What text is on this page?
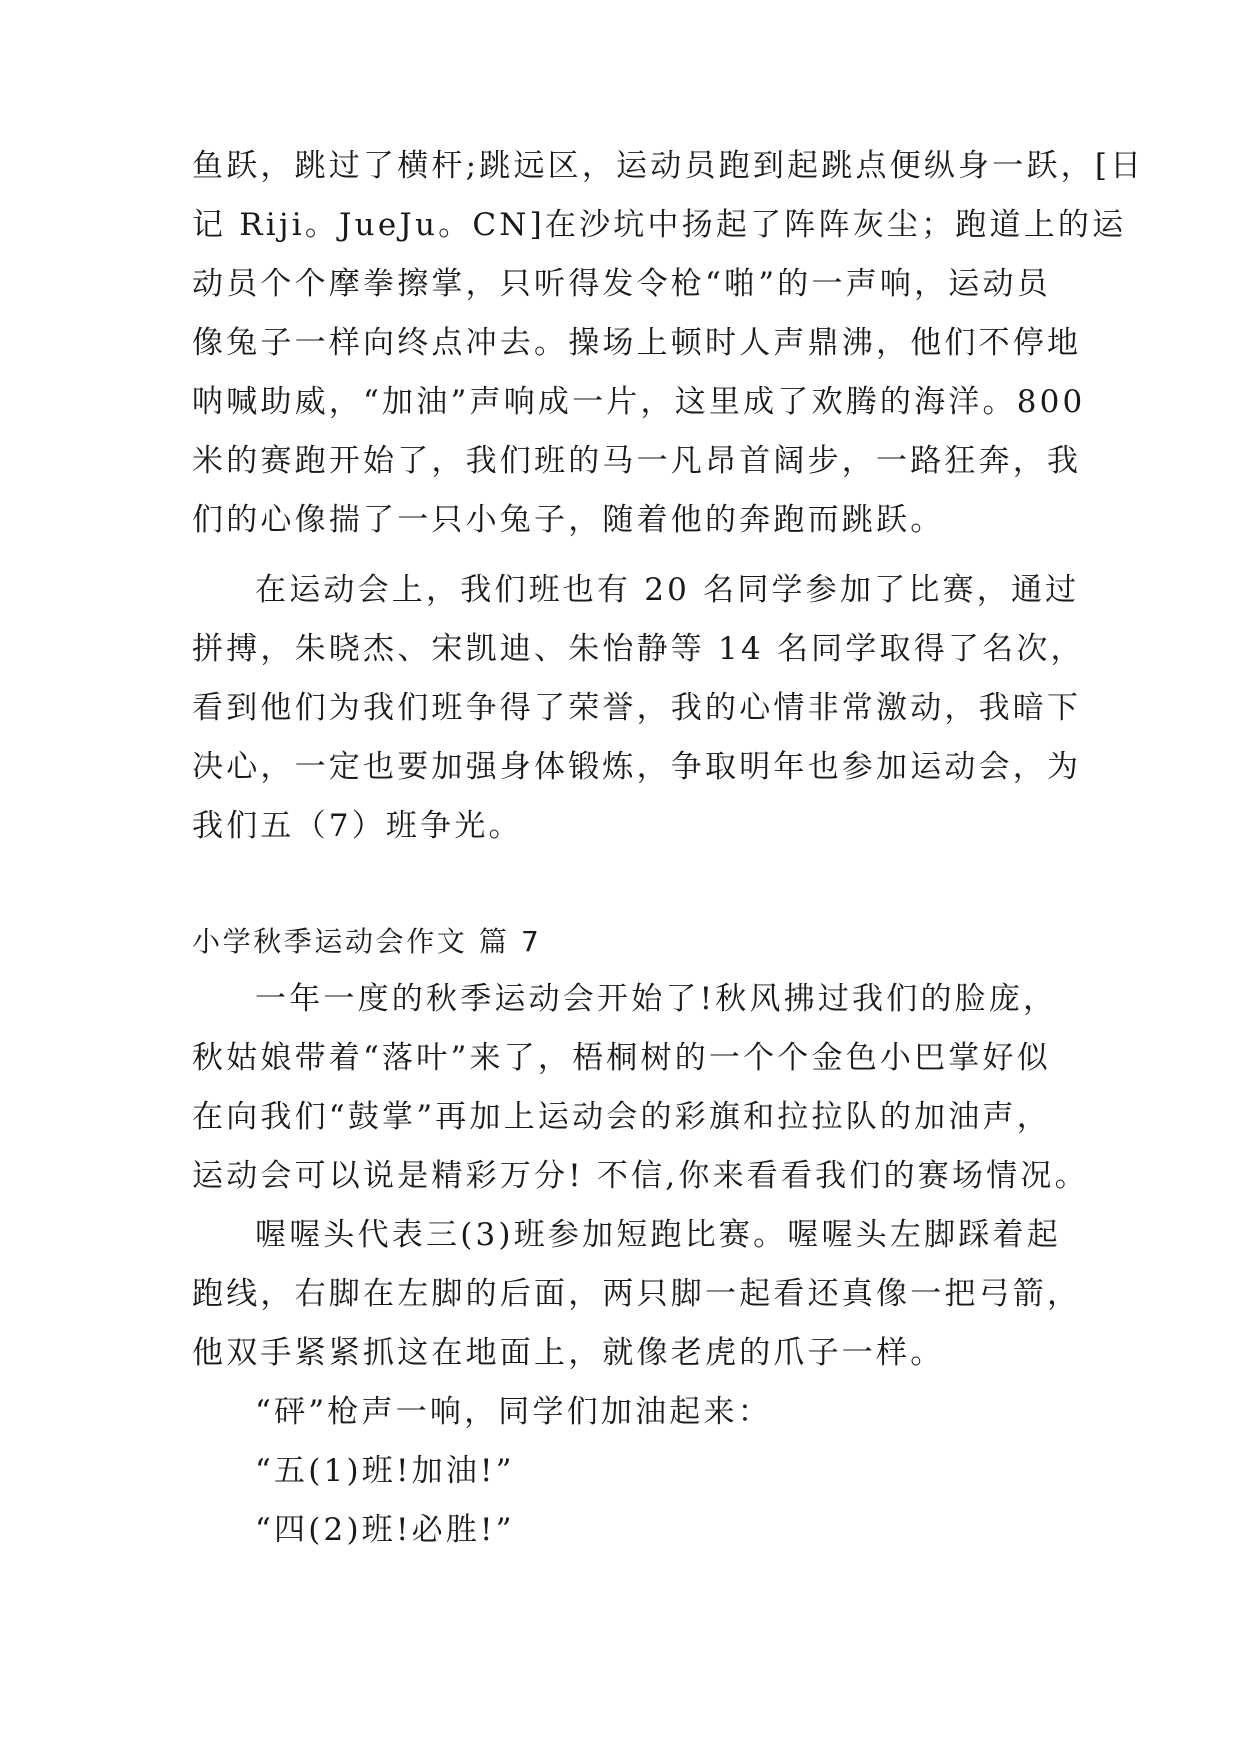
鱼跃，跳过了横杆;跳远区，运动员跑到起跳点便纵身一跃，[日
记 Riji。JueJu。CN]在沙坑中扬起了阵阵灰尘；跑道上的运
动员个个摩拳擦掌，只听得发令枪“啪”的一声响，运动员
像兔子一样向终点冲去。操场上顿时人声鼎沸，他们不停地
呐喊助威，“加油”声响成一片，这里成了欢腾的海洋。800
米的赛跑开始了，我们班的马一凡昂首阔步，一路狂奔，我
们的心像揣了一只小兔子，随着他的奔跑而跳跃。
在运动会上，我们班也有 20 名同学参加了比赛，通过
拼搏，朱晓杰、宋凯迪、朱怡静等 14 名同学取得了名次，
看到他们为我们班争得了荣誉，我的心情非常激动，我暗下
决心，一定也要加强身体锻炼，争取明年也参加运动会，为
我们五（7）班争光。
小学秋季运动会作文 篇 7
一年一度的秋季运动会开始了!秋风拂过我们的脸庞，
秋姑娘带着“落叶”来了，梧桐树的一个个金色小巴掌好似
在向我们“鼓掌”再加上运动会的彩旗和拉拉队的加油声，
运动会可以说是精彩万分! 不信,你来看看我们的赛场情况。
喔喔头代表三(3)班参加短跑比赛。喔喔头左脚踩着起
跑线，右脚在左脚的后面，两只脚一起看还真像一把弓箭，
他双手紧紧抓这在地面上，就像老虎的爪子一样。
“砰”枪声一响，同学们加油起来：
“五(1)班!加油!”
“四(2)班!必胜!”
